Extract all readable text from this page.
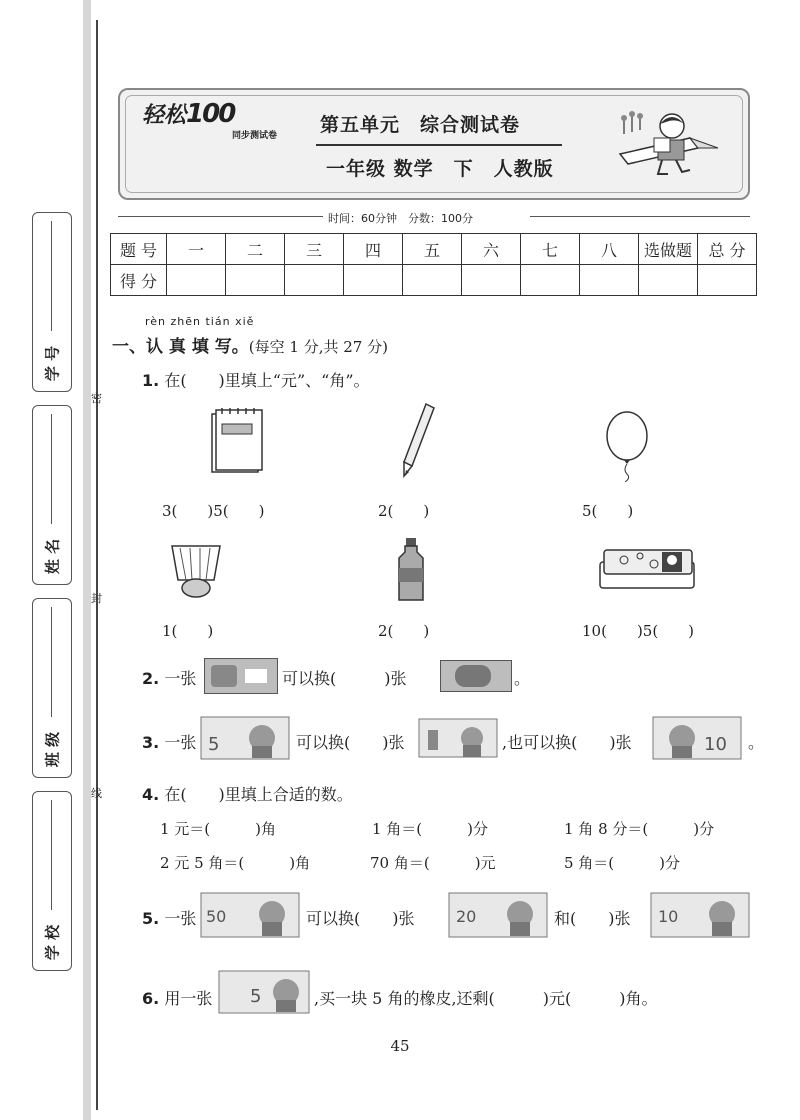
学 号
姓 名
班 级
学 校
密
封
线
轻松100
同步测试卷 第五单元　综合测试卷
一年级 数学　下　人教版
时间：60分钟　分数：100分
题 号	一	二	三	四	五	六	七	八	选做题	总 分
得 分										
rèn zhēn tián xiě
一、认 真 填 写。(每空 1 分,共 27 分)
1. 在(　　)里填上“元”、“角”。
3(　　)5(　　)	2(　　)	5(　　)
1(　　)	2(　　)	10(　　)5(　　)
2. 一张	可以换(　　　)张	。
3. 一张 5	可以换(　　)张	,也可以换(　　)张	10 。
4. 在(　　)里填上合适的数。
1 元＝(　　　)角	1 角＝(　　　)分	1 角 8 分＝(　　　)分
2 元 5 角＝(　　　)角	70 角＝(　　　)元	5 角＝(　　　)分
5. 一张 50	可以换(　　)张	20	和(　　)张 10
6. 用一张 5	,买一块 5 角的橡皮,还剩(　　　)元(　　　)角。
45
